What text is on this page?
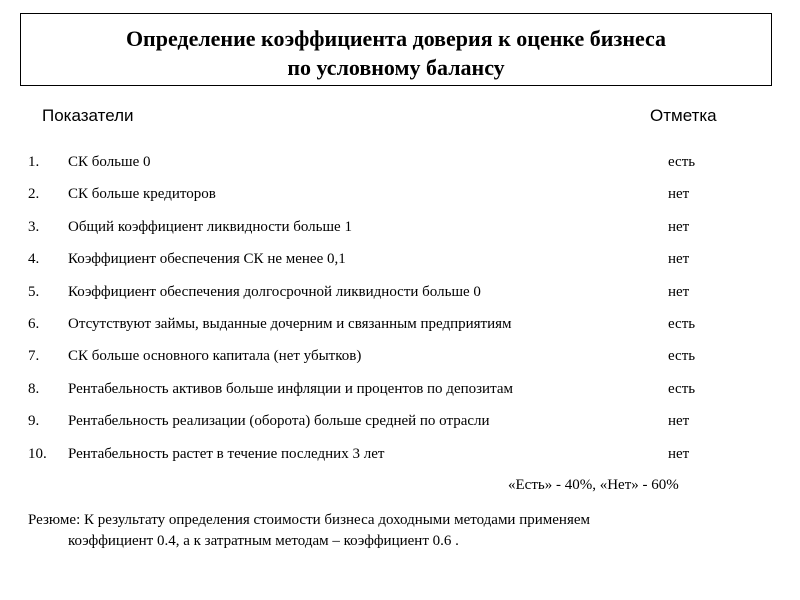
Определение коэффициента доверия к оценке бизнеса
по условному балансу
Показатели	Отметка
1. СК больше 0	есть
2. СК больше кредиторов	нет
3. Общий коэффициент ликвидности больше 1	нет
4. Коэффициент обеспечения СК не менее 0,1	нет
5. Коэффициент обеспечения долгосрочной ликвидности больше 0	нет
6. Отсутствуют займы, выданные дочерним и связанным предприятиям	есть
7. СК больше основного капитала (нет убытков)	есть
8. Рентабельность активов больше инфляции и процентов по депозитам	есть
9. Рентабельность реализации (оборота) больше средней по отрасли	нет
10. Рентабельность растет в течение последних 3 лет	нет
«Есть» - 40%, «Нет» - 60%
Резюме: К результату определения стоимости бизнеса доходными методами применяем
коэффициент 0.4, а к затратным методам – коэффициент 0.6 .
